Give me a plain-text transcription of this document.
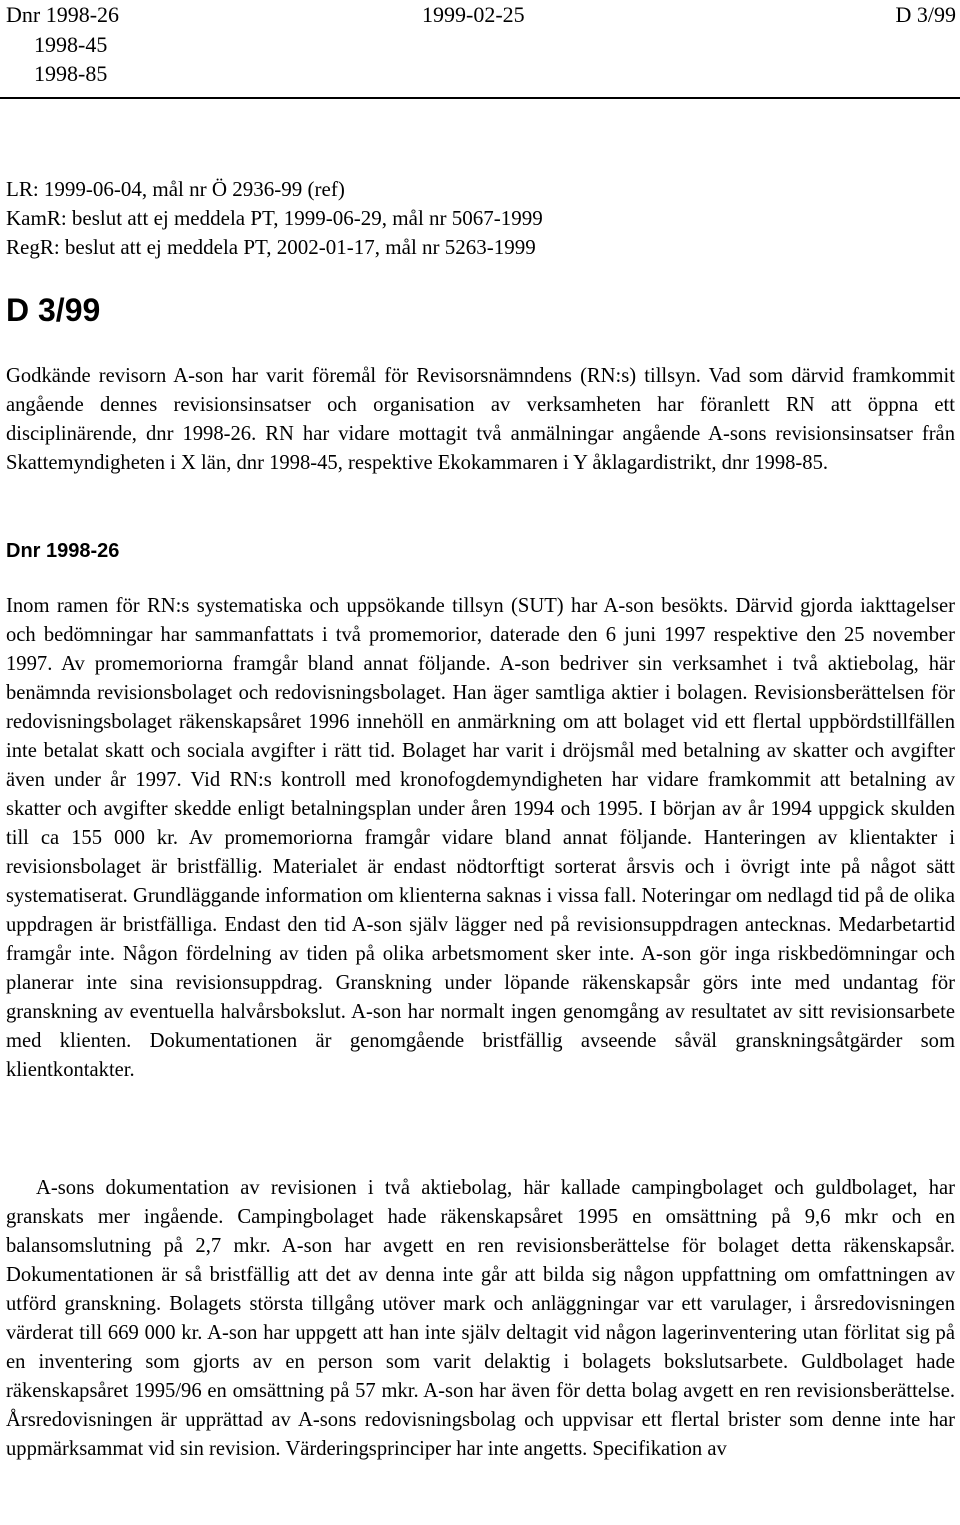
Dnr 1998-26
1998-45
1998-85
1999-02-25	D 3/99
LR: 1999-06-04, mål nr Ö 2936-99 (ref)
KamR: beslut att ej meddela PT, 1999-06-29, mål nr 5067-1999
RegR: beslut att ej meddela PT, 2002-01-17, mål nr 5263-1999
D 3/99

Godkände revisorn A-son har varit föremål för Revisorsnämndens (RN:s) tillsyn. Vad som därvid framkommit angående dennes revisionsinsatser och organisation av verksamheten har föranlett RN att öppna ett disciplinärende, dnr 1998-26. RN har vidare mottagit två anmälningar angående A-sons revisionsinsatser från Skattemyndigheten i X län, dnr 1998-45, respektive Ekokammaren i Y åklagardistrikt, dnr 1998-85.

Dnr 1998-26

Inom ramen för RN:s systematiska och uppsökande tillsyn (SUT) har A-son besökts. Därvid gjorda iakttagelser och bedömningar har sammanfattats i två promemorior, daterade den 6 juni 1997 respektive den 25 november 1997. Av promemoriorna framgår bland annat följande. A-son bedriver sin verksamhet i två aktiebolag, här benämnda revisionsbolaget och redovisningsbolaget. Han äger samtliga aktier i bolagen. Revisionsberättelsen för redovisningsbolaget räkenskapsåret 1996 innehöll en anmärkning om att bolaget vid ett flertal uppbördstillfällen inte betalat skatt och sociala avgifter i rätt tid. Bolaget har varit i dröjsmål med betalning av skatter och avgifter även under år 1997. Vid RN:s kontroll med kronofogdemyndigheten har vidare framkommit att betalning av skatter och avgifter skedde enligt betalningsplan under åren 1994 och 1995. I början av år 1994 uppgick skulden till ca 155 000 kr. Av promemoriorna framgår vidare bland annat följande. Hanteringen av klientakter i revisionsbolaget är bristfällig. Materialet är endast nödtorftigt sorterat årsvis och i övrigt inte på något sätt systematiserat. Grundläggande information om klienterna saknas i vissa fall. Noteringar om nedlagd tid på de olika uppdragen är bristfälliga. Endast den tid A-son själv lägger ned på revisionsuppdragen antecknas. Medarbetartid framgår inte. Någon fördelning av tiden på olika arbetsmoment sker inte. A-son gör inga riskbedömningar och planerar inte sina revisionsuppdrag. Granskning under löpande räkenskapsår görs inte med undantag för granskning av eventuella halvårsbokslut. A-son har normalt ingen genomgång av resultatet av sitt revisionsarbete med klienten. Dokumentationen är genomgående bristfällig avseende såväl granskningsåtgärder som klientkontakter.

A-sons dokumentation av revisionen i två aktiebolag, här kallade campingbolaget och guldbolaget, har granskats mer ingående. Campingbolaget hade räkenskapsåret 1995 en omsättning på 9,6 mkr och en balansomslutning på 2,7 mkr. A-son har avgett en ren revisionsberättelse för bolaget detta räkenskapsår. Dokumentationen är så bristfällig att det av denna inte går att bilda sig någon uppfattning om omfattningen av utförd granskning. Bolagets största tillgång utöver mark och anläggningar var ett varulager, i årsredovisningen värderat till 669 000 kr. A-son har uppgett att han inte själv deltagit vid någon lagerinventering utan förlitat sig på en inventering som gjorts av en person som varit delaktig i bolagets bokslutsarbete. Guldbolaget hade räkenskapsåret 1995/96 en omsättning på 57 mkr. A-son har även för detta bolag avgett en ren revisionsberättelse. Årsredovisningen är upprättad av A-sons redovisningsbolag och uppvisar ett flertal brister som denne inte har uppmärksammat vid sin revision. Värderingsprinciper har inte angetts. Specifikation av
